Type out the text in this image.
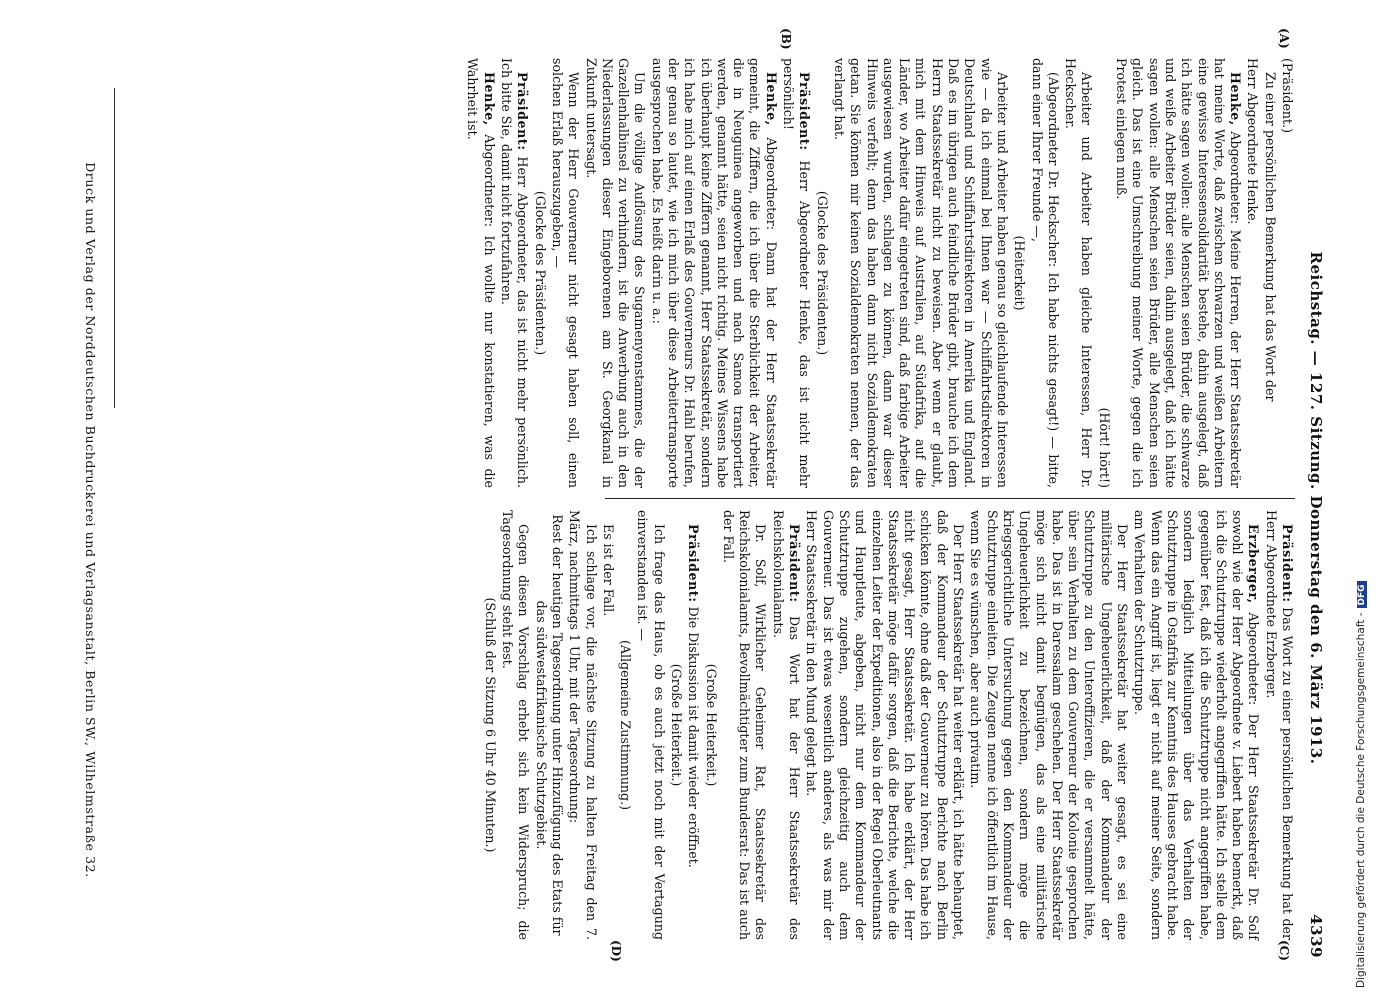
Reichstag. — 127. Sitzung. Donnerstag den 6. März 1913.
4339
(A)
(B)
(C)
(D)

(Präsident.)

Zu einer persönlichen Bemerkung hat das Wort der

Herr Abgeordnete Henke.

Henke, Abgeordneter: Meine Herren, der Herr Staatssekretär hat meine Worte, daß zwischen schwarzen und weißen Arbeitern eine gewisse Interessensolidarität bestehe, dahin ausgelegt, daß ich hätte sagen wollen: alle Menschen seien Brüder, die schwarze und weiße Arbeiter Brüder seien, dahin ausgelegt, daß ich hätte sagen wollen: alle Menschen seien Brüder, alle Menschen seien gleich. Das ist eine Umschreibung meiner Worte, gegen die ich Protest einlegen muß.

(Hört! hört!)

Arbeiter und Arbeiter haben gleiche Interessen, Herr Dr. Heckscher.

(Abgeordneter Dr. Heckscher: Ich habe nichts gesagt!) — bitte, dann einer Ihrer Freunde —,

(Heiterkeit)

Arbeiter und Arbeiter haben genau so gleichlaufende Interessen wie — da ich einmal bei Ihnen war — Schiffahrtsdirektoren in Deutschland und Schiffahrtsdirektoren in Amerika und England. Daß es im übrigen auch feindliche Brüder gibt, brauche ich dem Herrn Staatssekretär nicht zu beweisen. Aber wenn er glaubt, mich mit dem Hinweis auf Australien, auf Südafrika, auf die Länder, wo Arbeiter dafür eingetreten sind, daß farbige Arbeiter ausgewiesen wurden, schlagen zu können, dann war dieser Hinweis verfehlt; denn das haben dann nicht Sozialdemokraten getan. Sie können mir keinen Sozialdemokraten nennen, der das verlangt hat.

(Glocke des Präsidenten.)

Präsident: Herr Abgeordneter Henke, das ist nicht mehr persönlich!

Henke, Abgeordneter: Dann hat der Herr Staatssekretär gemeint, die Ziffern, die ich über die Sterblichkeit der Arbeiter, die in Neuguinea angeworben und nach Samoa transportiert werden, genannt hätte, seien nicht richtig. Meines Wissens habe ich überhaupt keine Ziffern genannt, Herr Staatssekretär, sondern ich habe mich auf einen Erlaß des Gouverneurs Dr. Hahl berufen, der genau so lautet, wie ich mich über diese Arbeitertransporte ausgesprochen habe. Es heißt darin u. a.:

Um die völlige Auflösung des Sugamenyenstammes, die der Gazellenhalbinsel zu verhindern, ist die Anwerbung auch in den Niederlassungen dieser Eingeborenen am St. Georgkanal in Zukunft untersagt.

Wenn der Herr Gouverneur nicht gesagt haben soll, einen solchen Erlaß herauszugeben, —

(Glocke des Präsidenten.)

Präsident: Herr Abgeordneter, das ist nicht mehr persönlich. Ich bitte Sie, damit nicht fortzufahren.

Henke, Abgeordneter: Ich wollte nur konstatieren, was die Wahrheit ist.

Präsident: Das Wort zu einer persönlichen Bemerkung hat der Herr Abgeordnete Erzberger.

Erzberger, Abgeordneter: Der Herr Staatssekretär Dr. Solf sowohl wie der Herr Abgeordnete v. Liebert haben bemerkt, daß ich die Schutztruppe wiederholt angegriffen hätte. Ich stelle dem gegenüber fest, daß ich die Schutztruppe nicht angegriffen habe, sondern lediglich Mitteilungen über das Verhalten der Schutztruppe in Ostafrika zur Kenntnis des Hauses gebracht habe. Wenn das ein Angriff ist, liegt er nicht auf meiner Seite, sondern am Verhalten der Schutztruppe.

Der Herr Staatssekretär hat weiter gesagt, es sei eine militärische Ungeheuerlichkeit, daß der Kommandeur der Schutztruppe zu den Unteroffizieren, die er versammelt hätte, über sein Verhalten zu dem Gouverneur der Kolonie gesprochen habe. Das ist in Daressalam geschehen. Der Herr Staatssekretär möge sich nicht damit begnügen, das als eine militärische Ungeheuerlichkeit zu bezeichnen, sondern möge die kriegsgerichtliche Untersuchung gegen den Kommandeur der Schutztruppe einleiten. Die Zeugen nenne ich öffentlich im Hause, wenn Sie es wünschen, aber auch privatim.

Der Herr Staatssekretär hat weiter erklärt, ich hätte behauptet, daß der Kommandeur der Schutztruppe Berichte nach Berlin schicken könnte, ohne daß der Gouverneur zu hören. Das habe ich nicht gesagt, Herr Staatssekretär. Ich habe erklärt, der Herr Staatssekretär möge dafür sorgen, daß die Berichte, welche die einzelnen Leiter der Expeditionen, also in der Regel Oberleutnants und Hauptleute, abgeben, nicht nur dem Kommandeur der Schutztruppe zugehen, sondern gleichzeitig auch dem Gouverneur. Das ist etwas wesentlich anderes, als was mir der Herr Staatssekretär in den Mund gelegt hat.

Präsident: Das Wort hat der Herr Staatssekretär des Reichskolonialamts.

Dr. Solf, Wirklicher Geheimer Rat, Staatssekretär des Reichskolonialamts, Bevollmächtigter zum Bundesrat: Das ist auch der Fall.

(Große Heiterkeit.)

Präsident: Die Diskussion ist damit wieder eröffnet.

(Große Heiterkeit.)

Ich frage das Haus, ob es auch jetzt noch mit der Vertagung einverstanden ist. —

(Allgemeine Zustimmung.)

Es ist der Fall.

Ich schlage vor, die nächste Sitzung zu halten Freitag den 7. März, nachmittags 1 Uhr, mit der Tagesordnung:

Rest der heutigen Tagesordnung unter Hinzufügung des Etats für das südwestafrikanische Schutzgebiet.

Gegen diesen Vorschlag erhebt sich kein Widerspruch; die Tagesordnung steht fest.

(Schluß der Sitzung 6 Uhr 40 Minuten.)

Druck und Verlag der Norddeutschen Buchdruckerei und Verlagsanstalt, Berlin SW., Wilhelmstraße 32.	Digitalisierung gefördert durch die Deutsche Forschungsgemeinschaft -DFG
